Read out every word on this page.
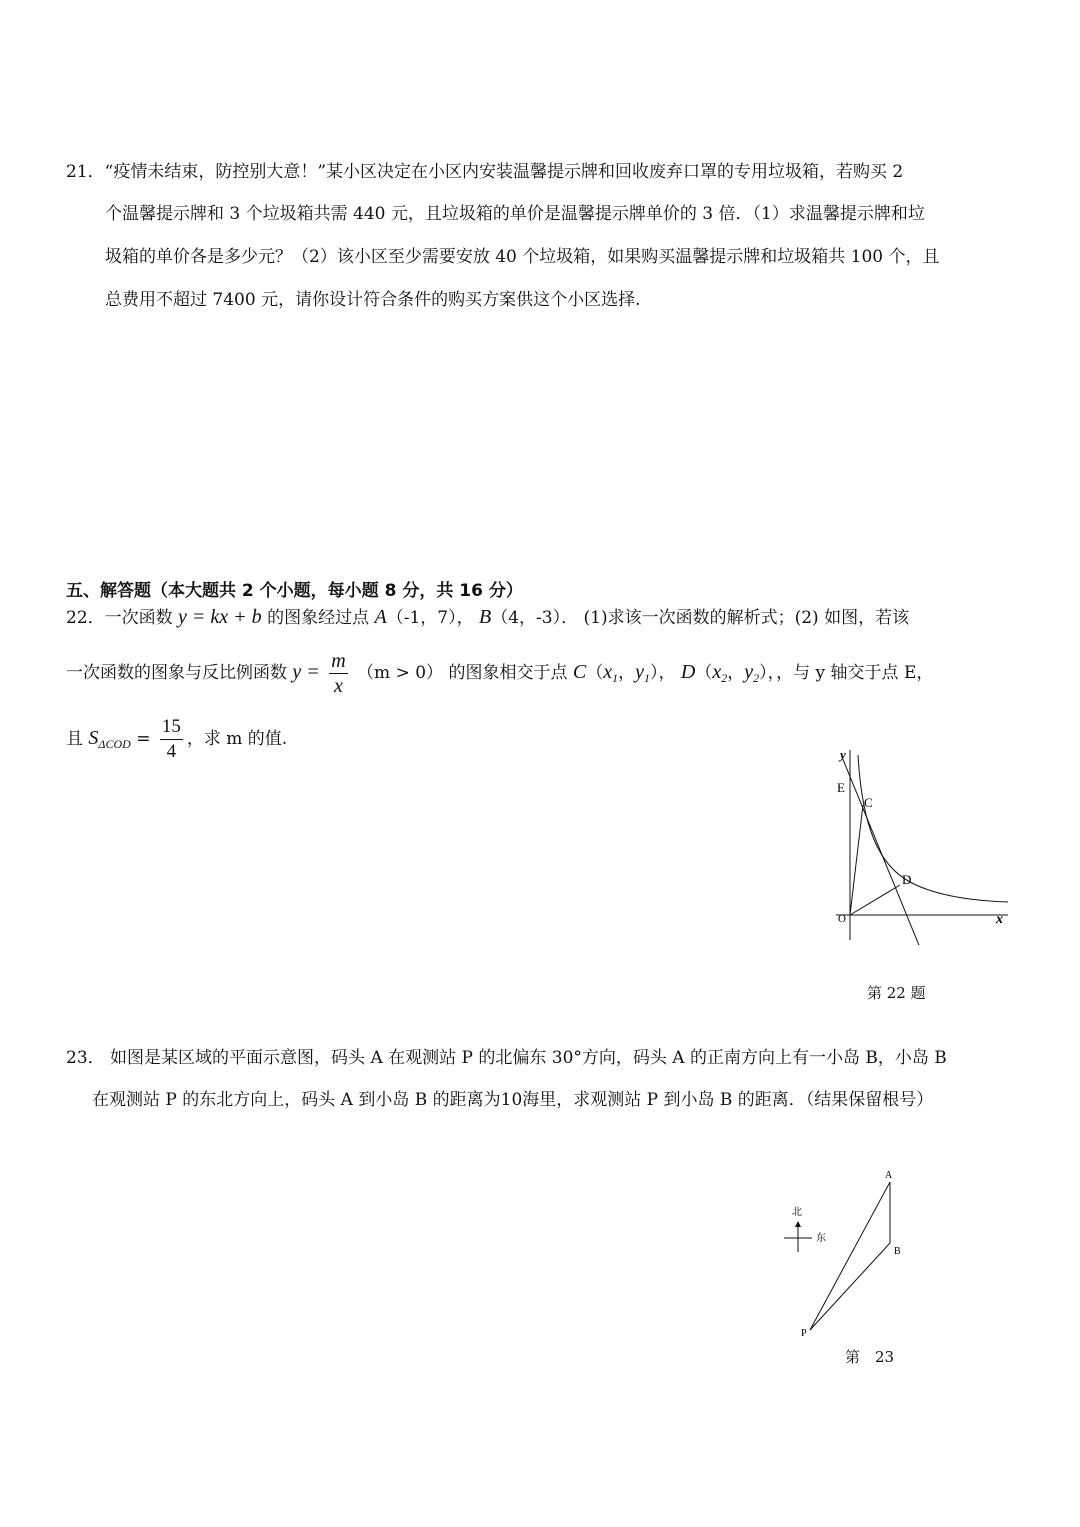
21．“疫情未结束，防控别大意！”某小区决定在小区内安装温馨提示牌和回收废弃口罩的专用垃圾箱，若购买 2
个温馨提示牌和 3 个垃圾箱共需 440 元，且垃圾箱的单价是温馨提示牌单价的 3 倍．（1）求温馨提示牌和垃
圾箱的单价各是多少元？（2）该小区至少需要安放 40 个垃圾箱，如果购买温馨提示牌和垃圾箱共 100 个，且
总费用不超过 7400 元，请你设计符合条件的购买方案供这个小区选择.
五、解答题（本大题共 2 个小题，每小题 8 分，共 16 分）
22．一次函数 y = kx + b 的图象经过点 A（-1，7）， B（4，-3）． (1)求该一次函数的解析式；(2) 如图，若该
一次函数的图象与反比例函数 $y = \frac{m}{x} (m > 0)$ 的图象相交于点 $C(x_1$，$y_1$）， $D(x_2$，$y_2$），，与 y 轴交于点 E，
且 $S_{\Delta COD} = \frac{15}{4}$ ，求 m 的值.
y
E
C
D
O	x
第 22 题
23． 如图是某区域的平面示意图，码头 A 在观测站 P 的北偏东 30°方向，码头 A 的正南方向上有一小岛 B，小岛 B
在观测站 P 的东北方向上，码头 A 到小岛 B 的距离为10海里，求观测站 P 到小岛 B 的距离．（结果保留根号）
北
东
A
B
P
第　23
